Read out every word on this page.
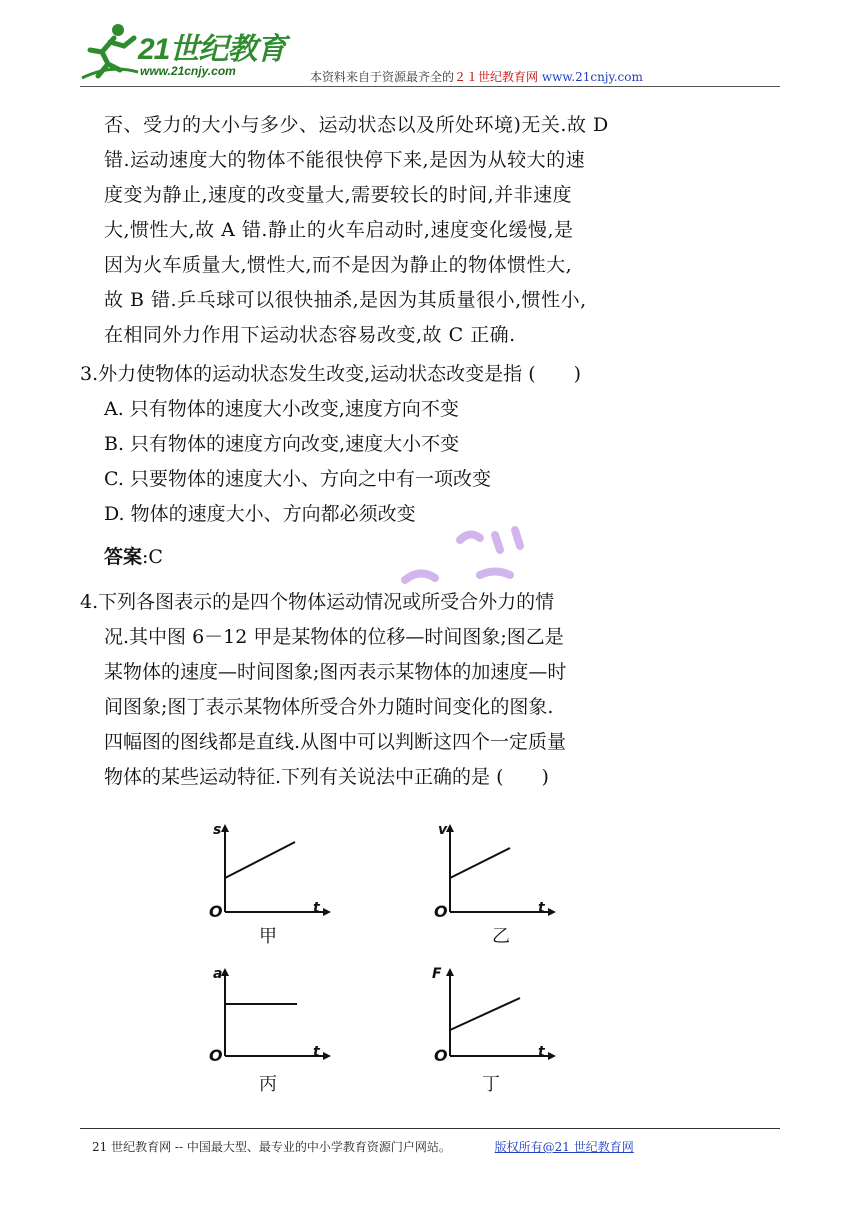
21世纪教育
www.21cnjy.com	本资料来自于资源最齐全的２１世纪教育网 www.21cnjy.com

否、受力的大小与多少、运动状态以及所处环境)无关.故 D

错.运动速度大的物体不能很快停下来,是因为从较大的速

度变为静止,速度的改变量大,需要较长的时间,并非速度

大,惯性大,故 A 错.静止的火车启动时,速度变化缓慢,是

因为火车质量大,惯性大,而不是因为静止的物体惯性大,

故 B 错.乒乓球可以很快抽杀,是因为其质量很小,惯性小,

在相同外力作用下运动状态容易改变,故 C 正确.

3.外力使物体的运动状态发生改变,运动状态改变是指 (　　)

A. 只有物体的速度大小改变,速度方向不变

B. 只有物体的速度方向改变,速度大小不变

C. 只要物体的速度大小、方向之中有一项改变

D. 物体的速度大小、方向都必须改变

答案:C

4.下列各图表示的是四个物体运动情况或所受合外力的情

况.其中图 6－12 甲是某物体的位移—时间图象;图乙是

某物体的速度—时间图象;图丙表示某物体的加速度—时

间图象;图丁表示某物体所受合外力随时间变化的图象.

四幅图的图线都是直线.从图中可以判断这四个一定质量

物体的某些运动特征.下列有关说法中正确的是 (　　)

s
O	t
甲
v
O	t
乙
a
O	t
丙
F
O	t
丁
21 世纪教育网 -- 中国最大型、最专业的中小学教育资源门户网站。	版权所有@21 世纪教育网
